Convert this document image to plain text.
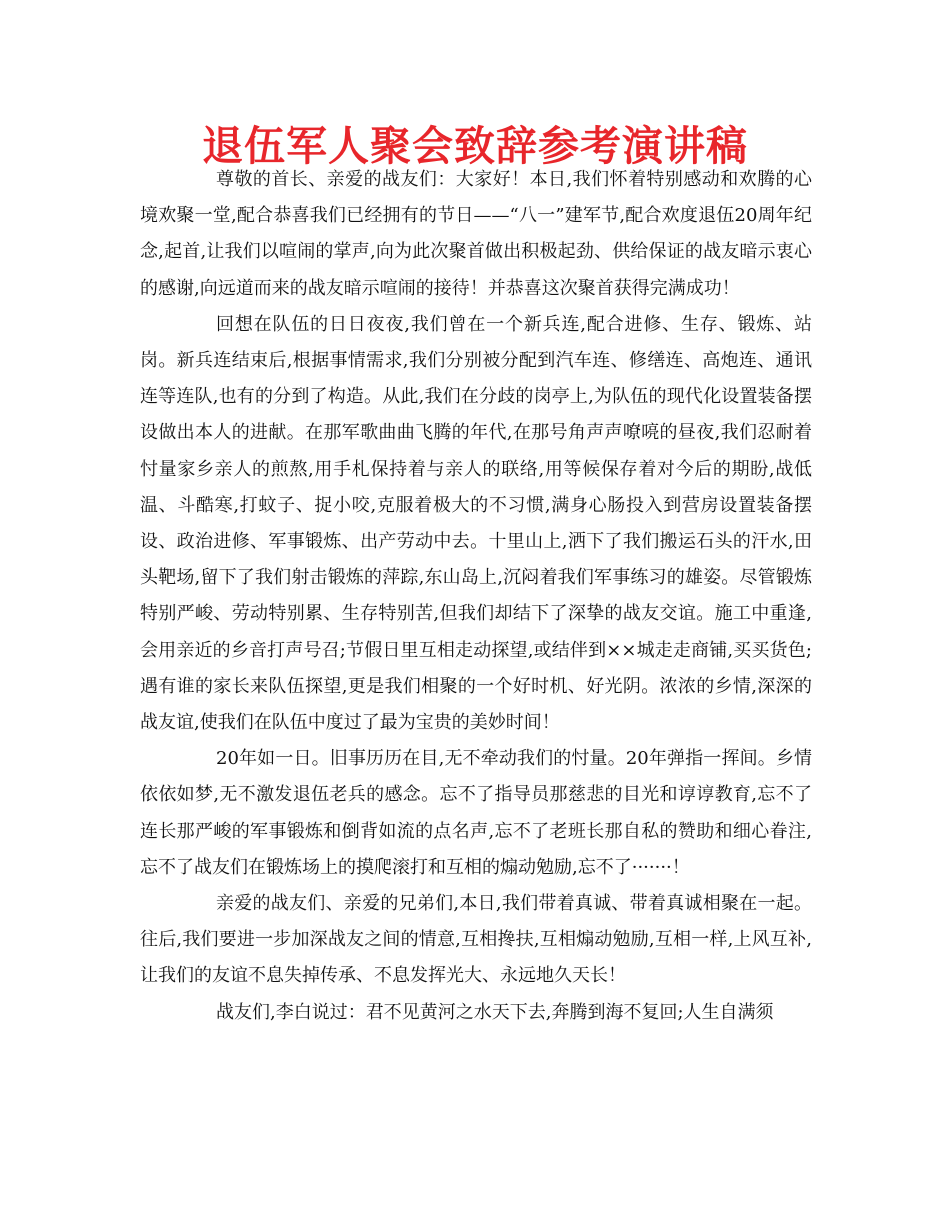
退伍军人聚会致辞参考演讲稿

尊敬的首长、亲爱的战友们：大家好！本日,我们怀着特别感动和欢腾的心境欢聚一堂,配合恭喜我们已经拥有的节日——“八一”建军节,配合欢度退伍20周年纪念,起首,让我们以喧闹的掌声,向为此次聚首做出积极起劲、供给保证的战友暗示衷心的感谢,向远道而来的战友暗示喧闹的接待！并恭喜这次聚首获得完满成功！

回想在队伍的日日夜夜,我们曾在一个新兵连,配合进修、生存、锻炼、站岗。新兵连结束后,根据事情需求,我们分别被分配到汽车连、修缮连、高炮连、通讯连等连队,也有的分到了构造。从此,我们在分歧的岗亭上,为队伍的现代化设置装备摆设做出本人的进献。在那军歌曲曲飞腾的年代,在那号角声声嘹喨的昼夜,我们忍耐着忖量家乡亲人的煎熬,用手札保持着与亲人的联络,用等候保存着对今后的期盼,战低温、斗酷寒,打蚊子、捉小咬,克服着极大的不习惯,满身心肠投入到营房设置装备摆设、政治进修、军事锻炼、出产劳动中去。十里山上,洒下了我们搬运石头的汗水,田头靶场,留下了我们射击锻炼的萍踪,东山岛上,沉闷着我们军事练习的雄姿。尽管锻炼特别严峻、劳动特别累、生存特别苦,但我们却结下了深挚的战友交谊。施工中重逢,会用亲近的乡音打声号召;节假日里互相走动探望,或结伴到××城走走商铺,买买货色;遇有谁的家长来队伍探望,更是我们相聚的一个好时机、好光阴。浓浓的乡情,深深的战友谊,使我们在队伍中度过了最为宝贵的美妙时间！

20年如一日。旧事历历在目,无不牵动我们的忖量。20年弹指一挥间。乡情依依如梦,无不激发退伍老兵的感念。忘不了指导员那慈悲的目光和谆谆教育,忘不了连长那严峻的军事锻炼和倒背如流的点名声,忘不了老班长那自私的赞助和细心眷注,忘不了战友们在锻炼场上的摸爬滚打和互相的煽动勉励,忘不了·······！

亲爱的战友们、亲爱的兄弟们,本日,我们带着真诚、带着真诚相聚在一起。往后,我们要进一步加深战友之间的情意,互相搀扶,互相煽动勉励,互相一样,上风互补,让我们的友谊不息失掉传承、不息发挥光大、永远地久天长！

战友们,李白说过：君不见黄河之水天下去,奔腾到海不复回;人生自满须
